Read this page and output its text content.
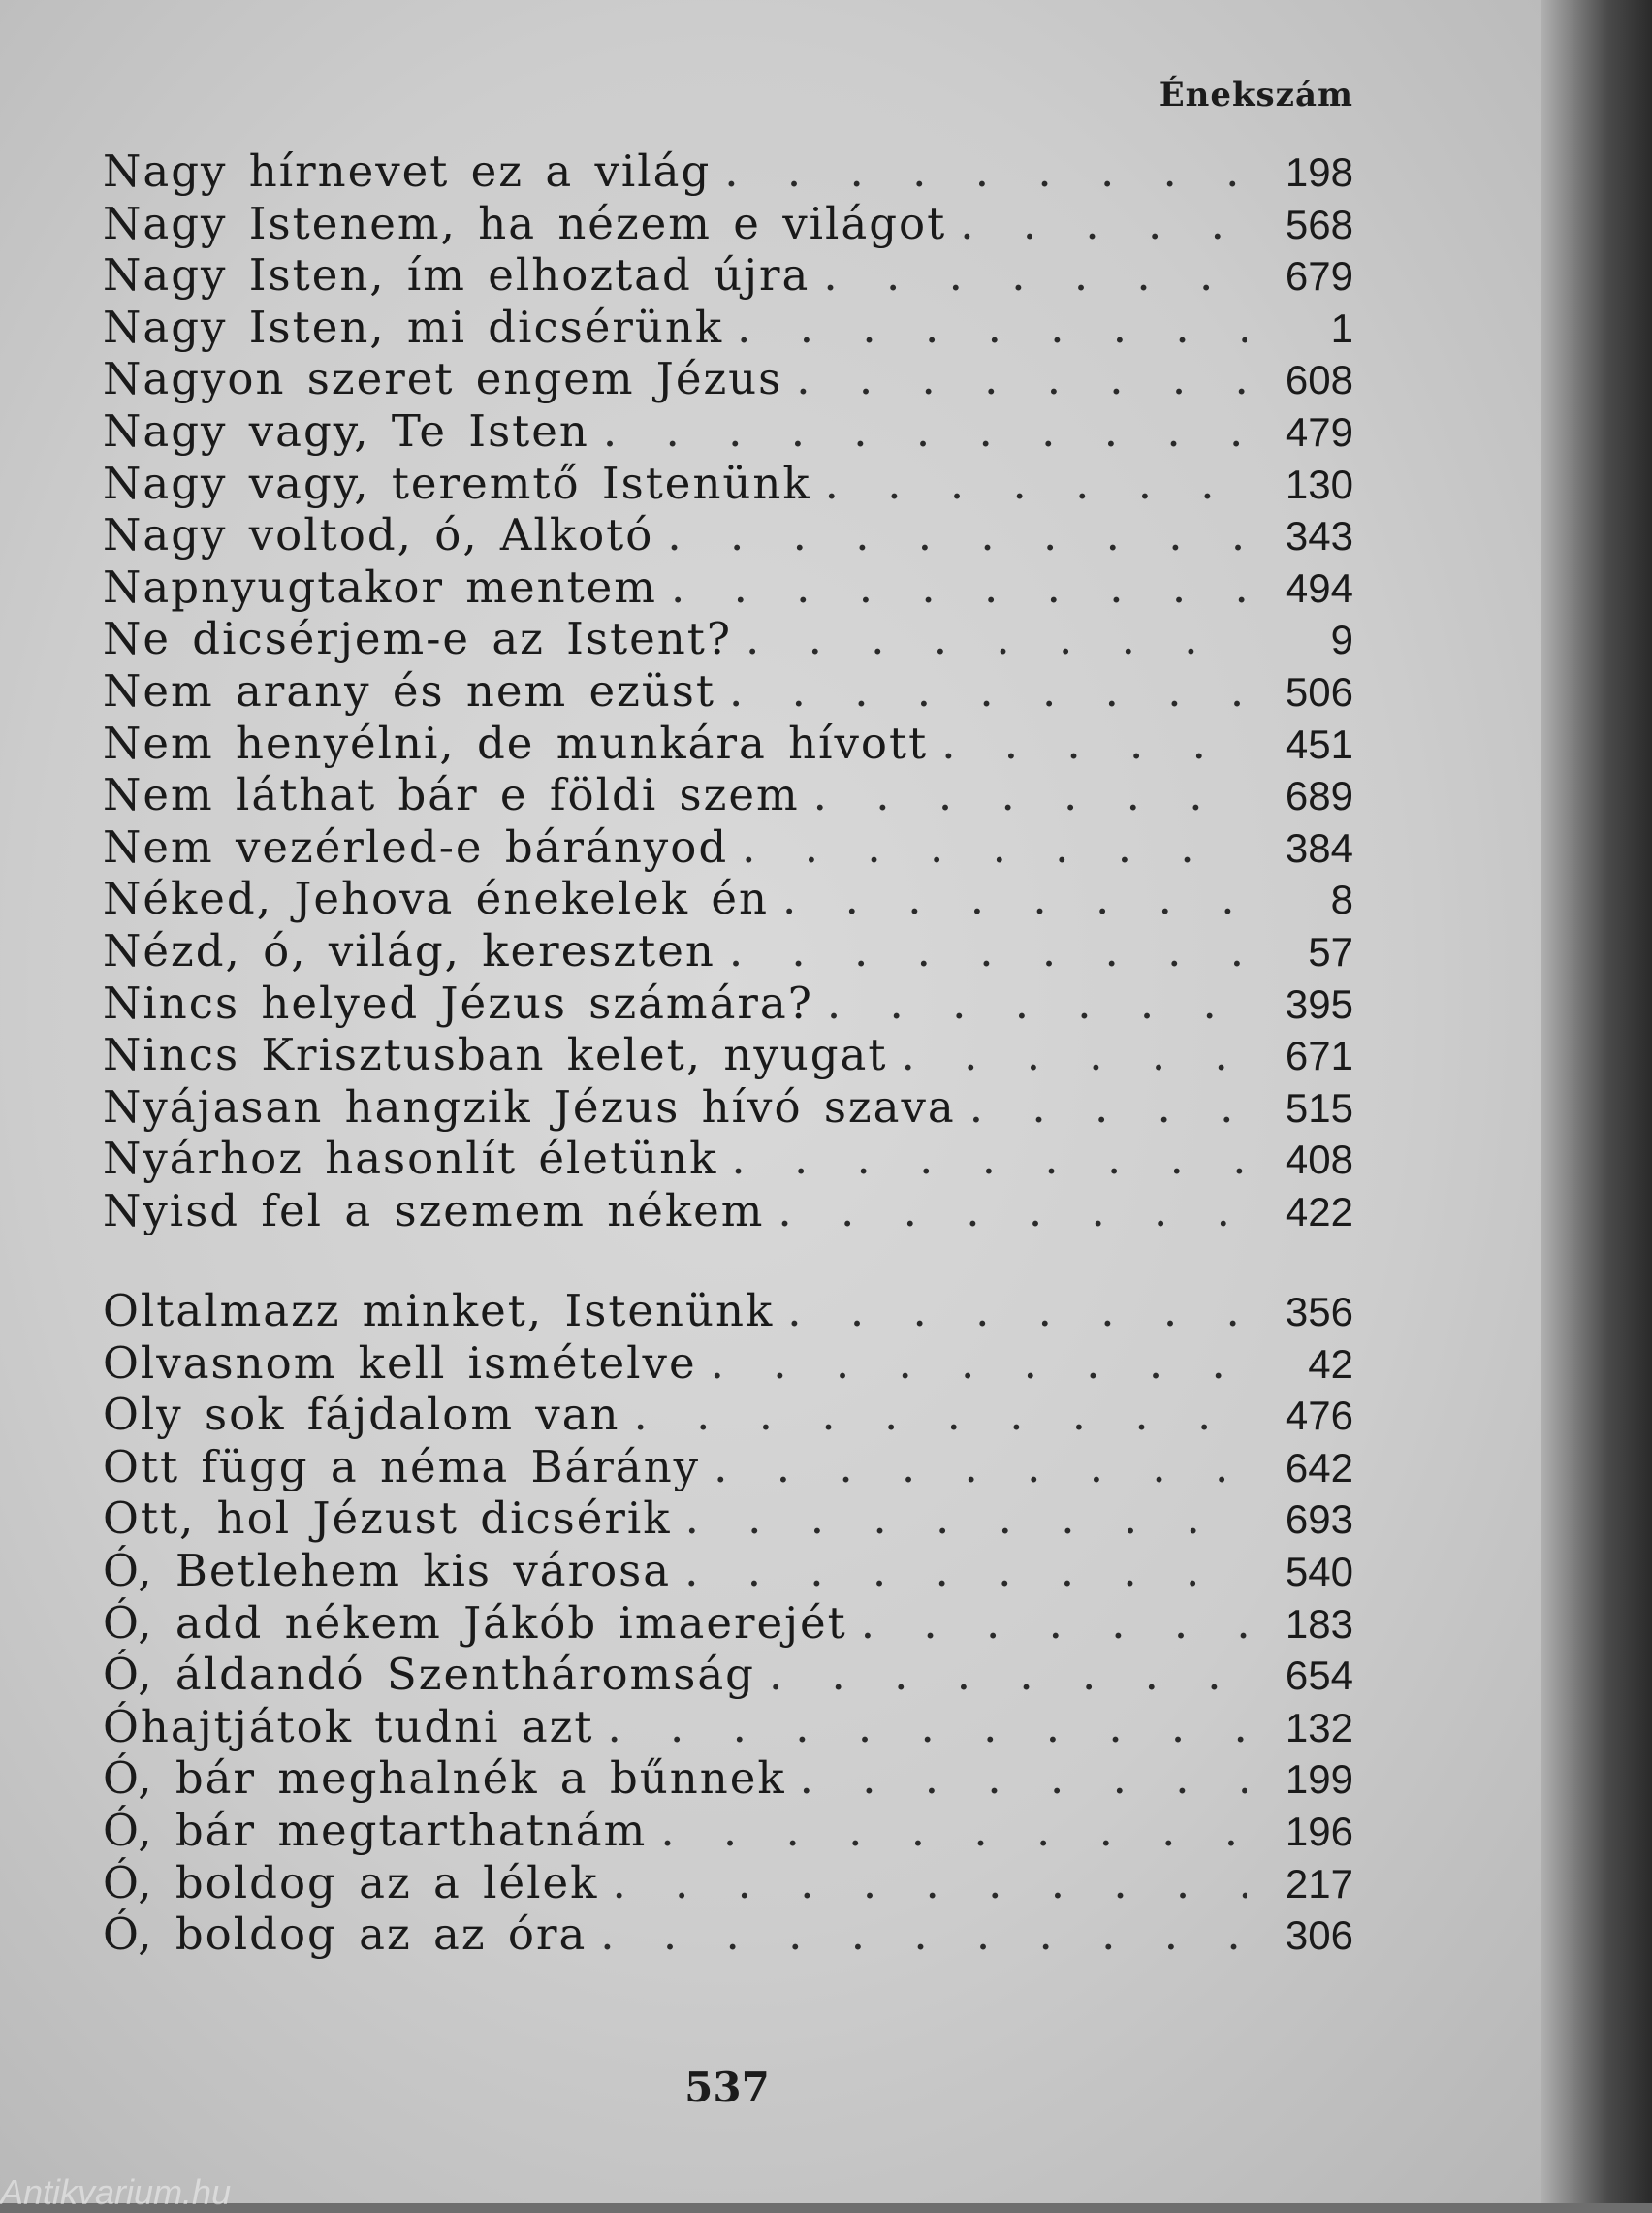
Énekszám
Nagy hírnevet ez a világ . . .	198
Nagy Istenem, ha nézem e világot . . .	568
Nagy Isten, ím elhoztad újra . . .	679
Nagy Isten, mi dicsérünk . . .	1
Nagyon szeret engem Jézus . . .	608
Nagy vagy, Te Isten . . .	479
Nagy vagy, teremtő Istenünk . . .	130
Nagy voltod, ó, Alkotó . . .	343
Napnyugtakor mentem . . .	494
Ne dicsérjem-e az Istent? . . .	9
Nem arany és nem ezüst . . .	506
Nem henyélni, de munkára hívott . . .	451
Nem láthat bár e földi szem . . .	689
Nem vezérled-e bárányod . . .	384
Néked, Jehova énekelek én . . .	8
Nézd, ó, világ, kereszten . . .	57
Nincs helyed Jézus számára? . . .	395
Nincs Krisztusban kelet, nyugat . . .	671
Nyájasan hangzik Jézus hívó szava . . .	515
Nyárhoz hasonlít életünk . . .	408
Nyisd fel a szemem nékem . . .	422
Oltalmazz minket, Istenünk . . .	356
Olvasnom kell ismételve . . .	42
Oly sok fájdalom van . . .	476
Ott függ a néma Bárány . . .	642
Ott, hol Jézust dicsérik . . .	693
Ó, Betlehem kis városa . . .	540
Ó, add nékem Jákób imaerejét . . .	183
Ó, áldandó Szentháromság . . .	654
Óhajtjátok tudni azt . . .	132
Ó, bár meghalnék a bűnnek . . .	199
Ó, bár megtarthatnám . . .	196
Ó, boldog az a lélek . . .	217
Ó, boldog az az óra . . .	306
537
Antikvarium.hu
